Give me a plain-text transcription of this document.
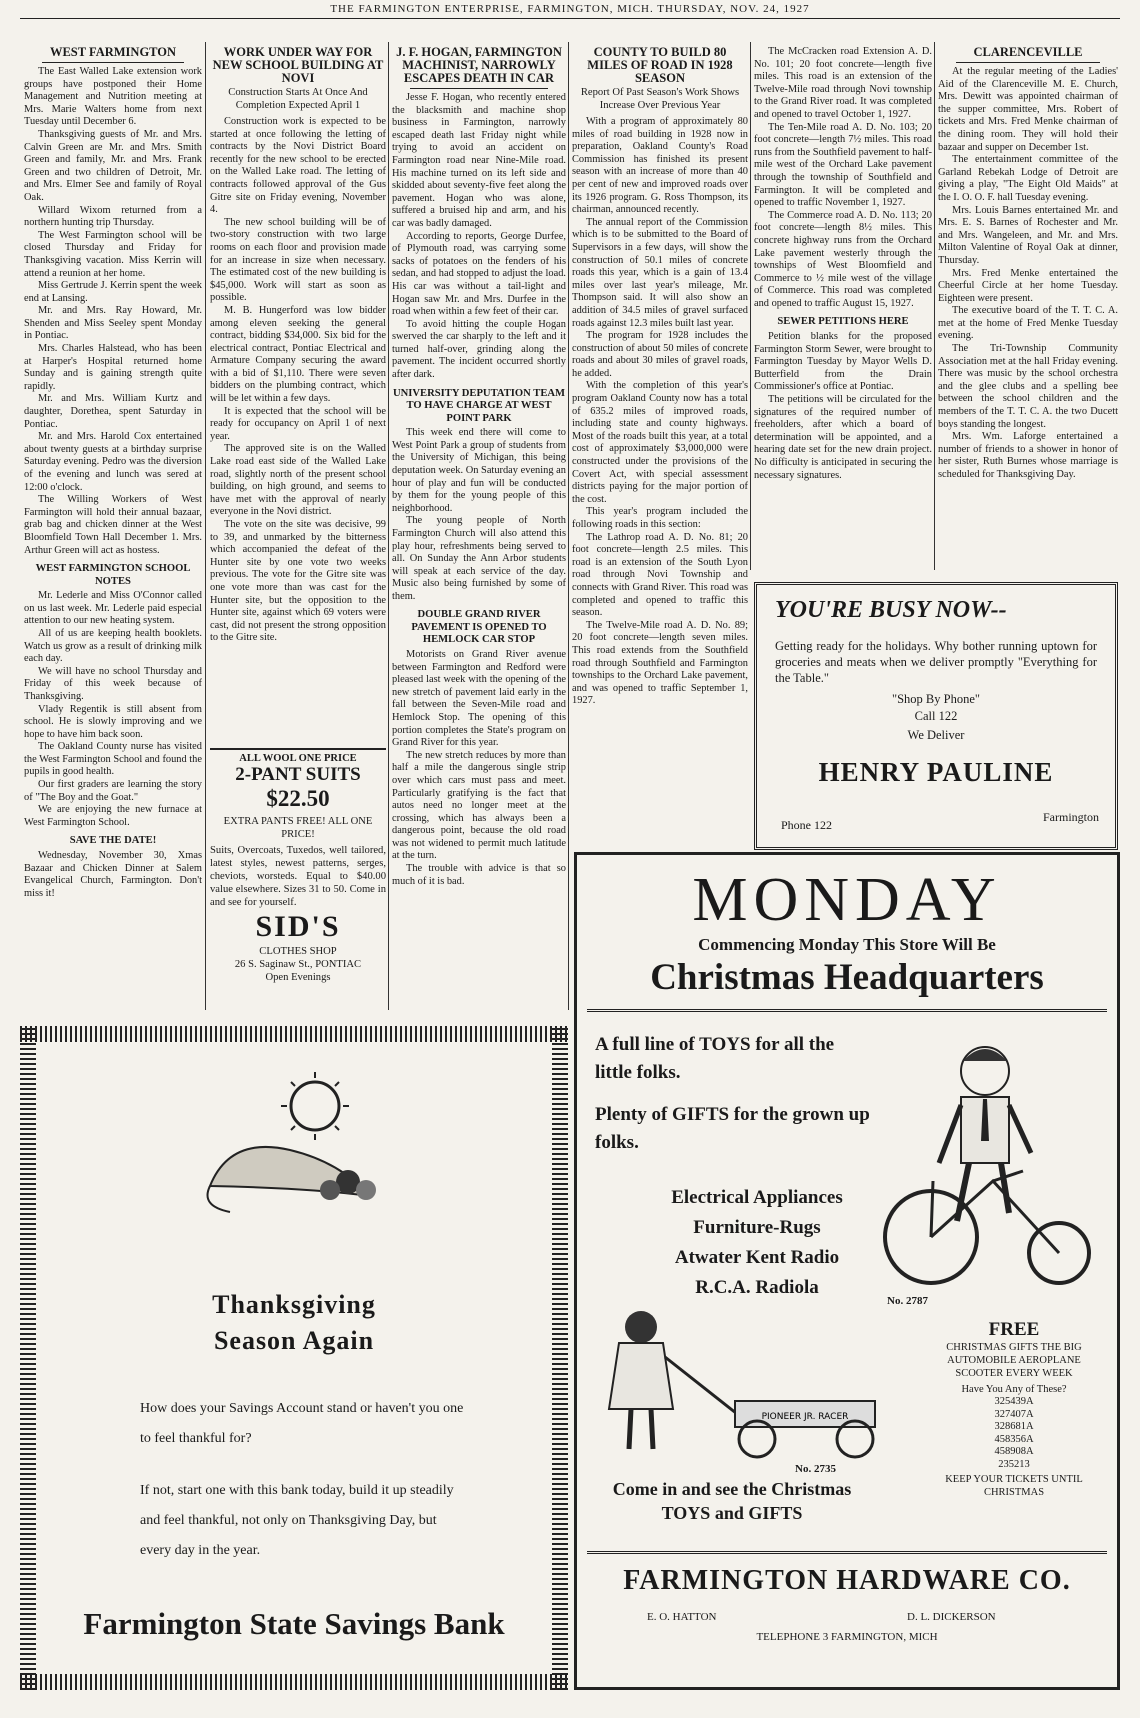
THE FARMINGTON ENTERPRISE, FARMINGTON, MICH. THURSDAY, NOV. 24, 1927
WEST FARMINGTON

The East Walled Lake extension work groups have postponed their Home Management and Nutrition meeting at Mrs. Marie Walters home from next Tuesday until December 6.

Thanksgiving guests of Mr. and Mrs. Calvin Green are Mr. and Mrs. Smith Green and family, Mr. and Mrs. Frank Green and two children of Detroit, Mr. and Mrs. Elmer See and family of Royal Oak.

Willard Wixom returned from a northern hunting trip Thursday.

The West Farmington school will be closed Thursday and Friday for Thanksgiving vacation. Miss Kerrin will attend a reunion at her home.

Miss Gertrude J. Kerrin spent the week end at Lansing.

Mr. and Mrs. Ray Howard, Mr. Shenden and Miss Seeley spent Monday in Pontiac.

Mrs. Charles Halstead, who has been at Harper's Hospital returned home Sunday and is gaining strength quite rapidly.

Mr. and Mrs. William Kurtz and daughter, Dorethea, spent Saturday in Pontiac.

Mr. and Mrs. Harold Cox entertained about twenty guests at a birthday surprise Saturday evening. Pedro was the diversion of the evening and lunch was sered at 12:00 o'clock.

The Willing Workers of West Farmington will hold their annual bazaar, grab bag and chicken dinner at the West Bloomfield Town Hall December 1. Mrs. Arthur Green will act as hostess.

WEST FARMINGTON SCHOOL NOTES

Mr. Lederle and Miss O'Connor called on us last week. Mr. Lederle paid especial attention to our new heating system.

All of us are keeping health booklets. Watch us grow as a result of drinking milk each day.

We will have no school Thursday and Friday of this week because of Thanksgiving.

Vlady Regentik is still absent from school. He is slowly improving and we hope to have him back soon.

The Oakland County nurse has visited the West Farmington School and found the pupils in good health.

Our first graders are learning the story of "The Boy and the Goat."

We are enjoying the new furnace at West Farmington School.

SAVE THE DATE!

Wednesday, November 30, Xmas Bazaar and Chicken Dinner at Salem Evangelical Church, Farmington. Don't miss it!

WORK UNDER WAY FOR NEW SCHOOL BUILDING AT NOVI
Construction Starts At Once And Completion Expected April 1

Construction work is expected to be started at once following the letting of contracts by the Novi District Board recently for the new school to be erected on the Walled Lake road. The letting of contracts followed approval of the Gus Gitre site on Friday evening, November 4.

The new school building will be of two-story construction with two large rooms on each floor and provision made for an increase in size when necessary. The estimated cost of the new building is $45,000. Work will start as soon as possible.

M. B. Hungerford was low bidder among eleven seeking the general contract, bidding $34,000. Six bid for the electrical contract, Pontiac Electrical and Armature Company securing the award with a bid of $1,110. There were seven bidders on the plumbing contract, which will be let within a few days.

It is expected that the school will be ready for occupancy on April 1 of next year.

The approved site is on the Walled Lake road east side of the Walled Lake road, slightly north of the present school building, on high ground, and seems to have met with the approval of nearly everyone in the Novi district.

The vote on the site was decisive, 99 to 39, and unmarked by the bitterness which accompanied the defeat of the Hunter site by one vote two weeks previous. The vote for the Gitre site was one vote more than was cast for the Hunter site, but the opposition to the Hunter site, against which 69 voters were cast, did not present the strong opposition to the Gitre site.

ALL WOOL ONE PRICE
2-PANT SUITS
$22.50
EXTRA PANTS FREE! ALL ONE PRICE!
Suits, Overcoats, Tuxedos, well tailored, latest styles, newest patterns, serges, cheviots, worsteds. Equal to $40.00 value elsewhere. Sizes 31 to 50. Come in and see for yourself.
SID'S
CLOTHES SHOP
26 S. Saginaw St., PONTIAC
Open Evenings
J. F. HOGAN, FARMINGTON MACHINIST, NARROWLY ESCAPES DEATH IN CAR

Jesse F. Hogan, who recently entered the blacksmith and machine shop business in Farmington, narrowly escaped death last Friday night while trying to avoid an accident on Farmington road near Nine-Mile road. His machine turned on its left side and skidded about seventy-five feet along the pavement. Hogan who was alone, suffered a bruised hip and arm, and his car was badly damaged.

According to reports, George Durfee, of Plymouth road, was carrying some sacks of potatoes on the fenders of his sedan, and had stopped to adjust the load. His car was without a tail-light and Hogan saw Mr. and Mrs. Durfee in the road when within a few feet of their car.

To avoid hitting the couple Hogan swerved the car sharply to the left and it turned half-over, grinding along the pavement. The incident occurred shortly after dark.

UNIVERSITY DEPUTATION TEAM TO HAVE CHARGE AT WEST POINT PARK

This week end there will come to West Point Park a group of students from the University of Michigan, this being deputation week. On Saturday evening an hour of play and fun will be conducted by them for the young people of this neighborhood.

The young people of North Farmington Church will also attend this play hour, refreshments being served to all. On Sunday the Ann Arbor students will speak at each service of the day. Music also being furnished by some of them.

DOUBLE GRAND RIVER PAVEMENT IS OPENED TO HEMLOCK CAR STOP

Motorists on Grand River avenue between Farmington and Redford were pleased last week with the opening of the new stretch of pavement laid early in the fall between the Seven-Mile road and Hemlock Stop. The opening of this portion completes the State's program on Grand River for this year.

The new stretch reduces by more than half a mile the dangerous single strip over which cars must pass and meet. Particularly gratifying is the fact that autos need no longer meet at the crossing, which has always been a dangerous point, because the old road was not widened to permit much latitude at the turn.

The trouble with advice is that so much of it is bad.

COUNTY TO BUILD 80 MILES OF ROAD IN 1928 SEASON
Report Of Past Season's Work Shows Increase Over Previous Year

With a program of approximately 80 miles of road building in 1928 now in preparation, Oakland County's Road Commission has finished its present season with an increase of more than 40 per cent of new and improved roads over its 1926 program. G. Ross Thompson, its chairman, announced recently.

The annual report of the Commission which is to be submitted to the Board of Supervisors in a few days, will show the construction of 50.1 miles of concrete roads this year, which is a gain of 13.4 miles over last year's mileage, Mr. Thompson said. It will also show an addition of 34.5 miles of gravel surfaced roads against 12.3 miles built last year.

The program for 1928 includes the construction of about 50 miles of concrete roads and about 30 miles of gravel roads, he added.

With the completion of this year's program Oakland County now has a total of 635.2 miles of improved roads, including state and county highways. Most of the roads built this year, at a total cost of approximately $3,000,000 were constructed under the provisions of the Covert Act, with special assessment districts paying for the major portion of the cost.

This year's program included the following roads in this section:

The Lathrop road A. D. No. 81; 20 foot concrete—length 2.5 miles. This road is an extension of the South Lyon road through Novi Township and connects with Grand River. This road was completed and opened to traffic this season.

The Twelve-Mile road A. D. No. 89; 20 foot concrete—length seven miles. This road extends from the Southfield road through Southfield and Farmington townships to the Orchard Lake pavement, and was opened to traffic September 1, 1927.

The McCracken road Extension A. D. No. 101; 20 foot concrete—length five miles. This road is an extension of the Twelve-Mile road through Novi township to the Grand River road. It was completed and opened to travel October 1, 1927.

The Ten-Mile road A. D. No. 103; 20 foot concrete—length 7½ miles. This road runs from the Southfield pavement to half-mile west of the Orchard Lake pavement through the township of Southfield and Farmington. It will be completed and opened to traffic November 1, 1927.

The Commerce road A. D. No. 113; 20 foot concrete—length 8½ miles. This concrete highway runs from the Orchard Lake pavement westerly through the townships of West Bloomfield and Commerce to ½ mile west of the village of Commerce. This road was completed and opened to traffic August 15, 1927.

SEWER PETITIONS HERE

Petition blanks for the proposed Farmington Storm Sewer, were brought to Farmington Tuesday by Mayor Wells D. Butterfield from the Drain Commissioner's office at Pontiac.

The petitions will be circulated for the signatures of the required number of freeholders, after which a board of determination will be appointed, and a hearing date set for the new drain project. No difficulty is anticipated in securing the necessary signatures.

CLARENCEVILLE

At the regular meeting of the Ladies' Aid of the Clarenceville M. E. Church, Mrs. Dewitt was appointed chairman of the supper committee, Mrs. Robert of tickets and Mrs. Fred Menke chairman of the dining room. They will hold their bazaar and supper on December 1st.

The entertainment committee of the Garland Rebekah Lodge of Detroit are giving a play, "The Eight Old Maids" at the I. O. O. F. hall Tuesday evening.

Mrs. Louis Barnes entertained Mr. and Mrs. E. S. Barnes of Rochester and Mr. and Mrs. Wangeleen, and Mr. and Mrs. Milton Valentine of Royal Oak at dinner, Thursday.

Mrs. Fred Menke entertained the Cheerful Circle at her home Tuesday. Eighteen were present.

The executive board of the T. T. C. A. met at the home of Fred Menke Tuesday evening.

The Tri-Township Community Association met at the hall Friday evening. There was music by the school orchestra and the glee clubs and a spelling bee between the school children and the members of the T. T. C. A. the two Ducett boys standing the longest.

Mrs. Wm. Laforge entertained a number of friends to a shower in honor of her sister, Ruth Burnes whose marriage is scheduled for Thanksgiving Day.

YOU'RE BUSY NOW--
Getting ready for the holidays. Why bother running uptown for groceries and meats when we deliver promptly "Everything for the Table."
"Shop By Phone"
Call 122
We Deliver
HENRY PAULINE
Phone 122
Farmington
MONDAY
Commencing Monday This Store Will Be
Christmas Headquarters
A full line of TOYS for all the little folks.
Plenty of GIFTS for the grown up folks.
Electrical Appliances
Furniture-Rugs
Atwater Kent Radio
R.C.A. Radiola
No. 2787
PIONEER JR. RACER
No. 2735
Come in and see the Christmas
TOYS and GIFTS
FREE
CHRISTMAS GIFTS THE BIG AUTOMOBILE AEROPLANE SCOOTER EVERY WEEK
Have You Any of These?
325439A
327407A
328681A
458356A
458908A
235213
KEEP YOUR TICKETS UNTIL CHRISTMAS
FARMINGTON HARDWARE CO.
E. O. HATTON	D. L. DICKERSON
TELEPHONE 3 FARMINGTON, MICH
Thanksgiving
Season Again
How does your Savings Account stand or haven't you one to feel thankful for?
If not, start one with this bank today, build it up steadily and feel thankful, not only on Thanksgiving Day, but every day in the year.
Farmington State Savings Bank
